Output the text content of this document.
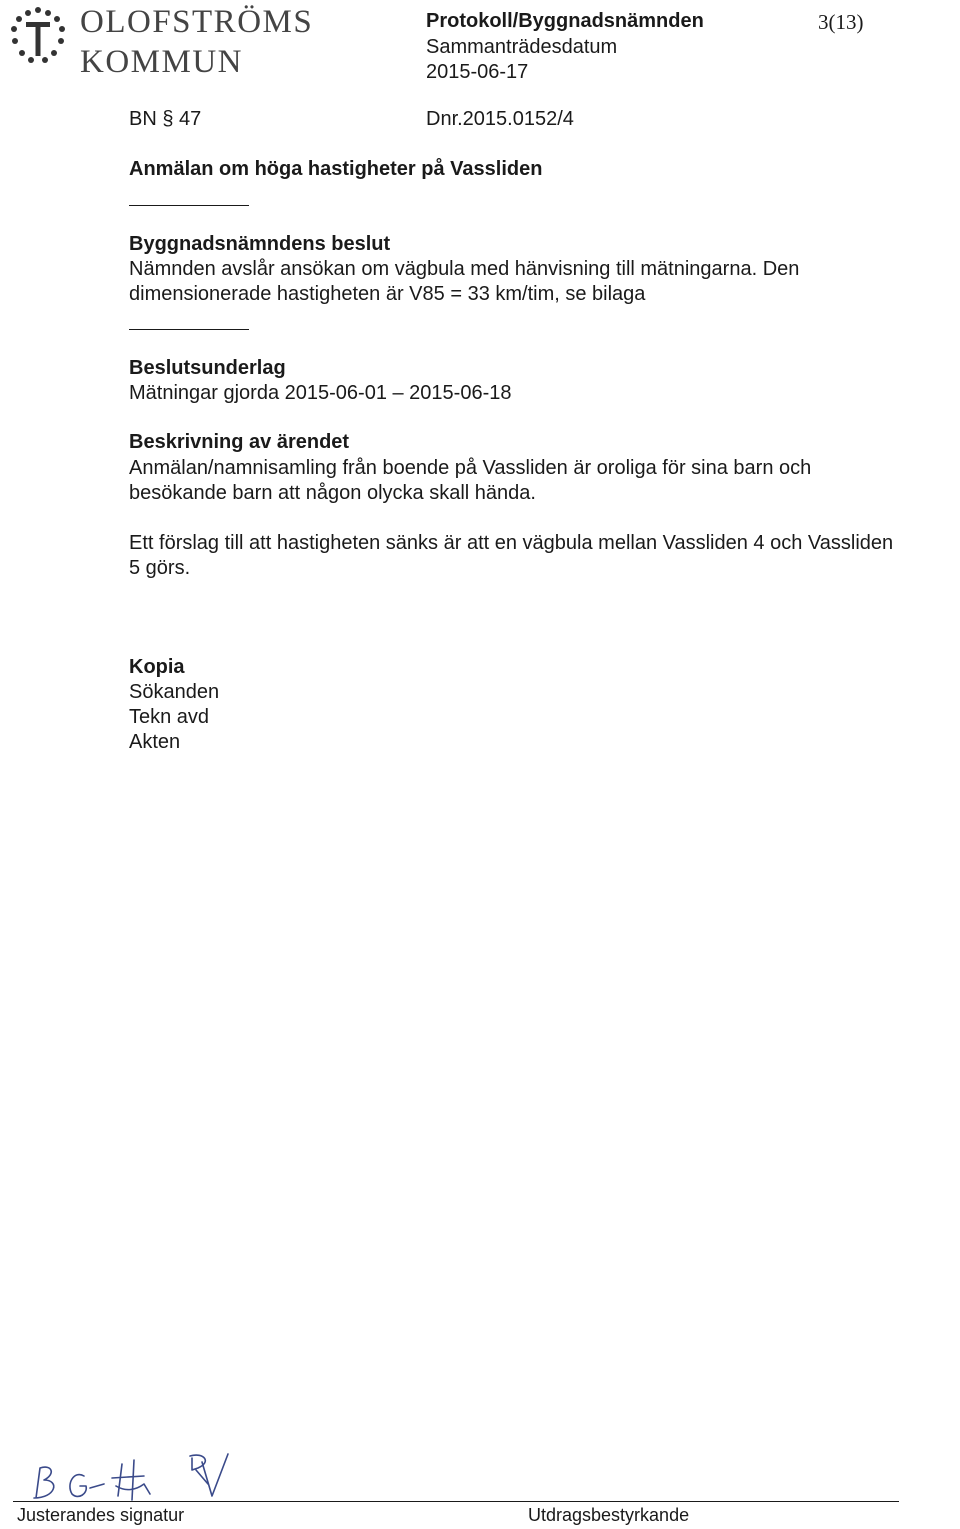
OLOFSTRÖMS
KOMMUN
Protokoll/Byggnadsnämnden
Sammanträdesdatum
2015-06-17
3(13)
BN § 47	Dnr.2015.0152/4
Anmälan om höga hastigheter på Vassliden
Byggnadsnämndens beslut
Nämnden avslår ansökan om vägbula med hänvisning till mätningarna. Den
dimensionerade hastigheten är V85 = 33 km/tim, se bilaga
Beslutsunderlag
Mätningar gjorda 2015-06-01 – 2015-06-18
Beskrivning av ärendet
Anmälan/namnisamling från boende på Vassliden är oroliga för sina barn och
besökande barn att någon olycka skall hända.
Ett förslag till att hastigheten sänks är att en vägbula mellan Vassliden 4 och Vassliden
5 görs.
Kopia
Sökanden
Tekn avd
Akten
Justerandes signatur	Utdragsbestyrkande
